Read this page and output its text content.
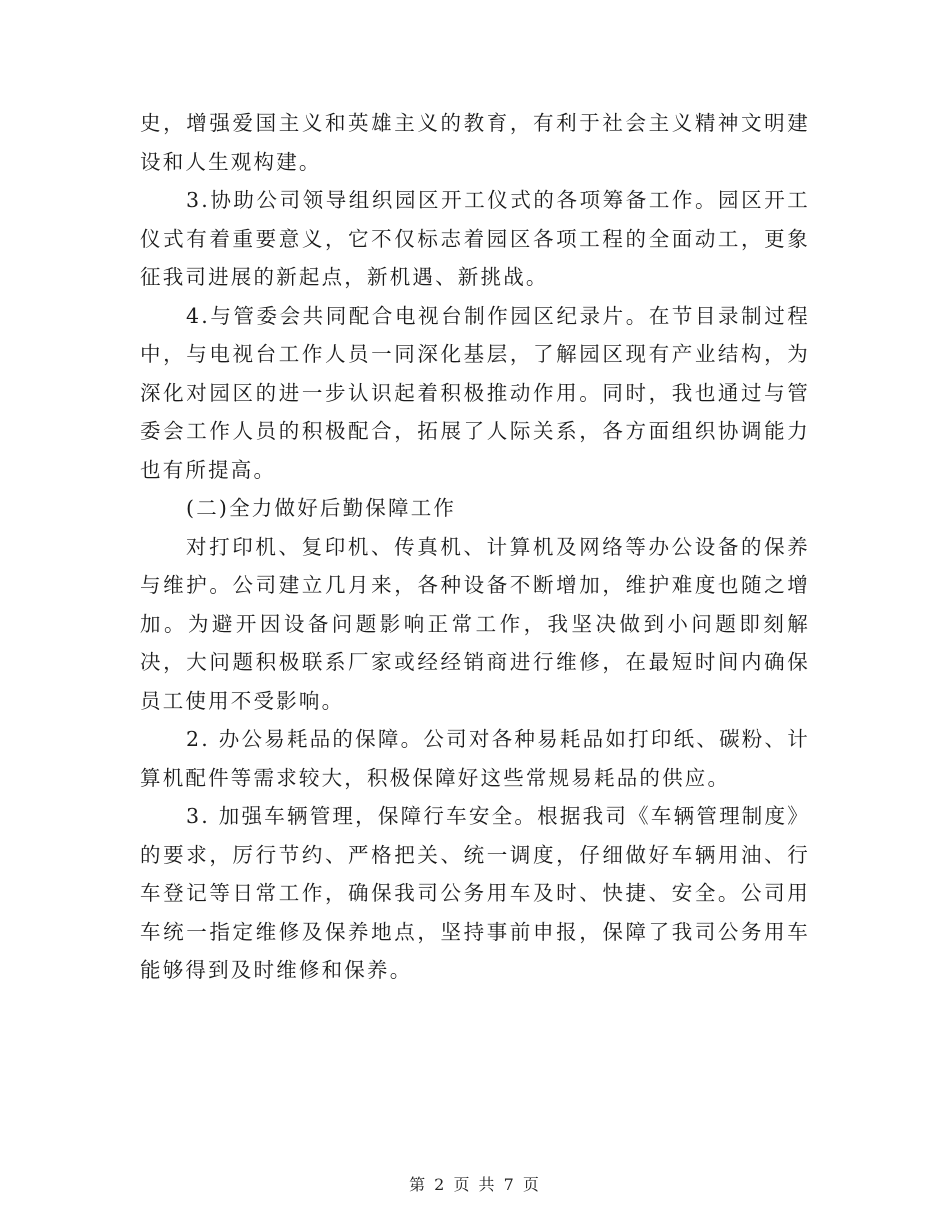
史，增强爱国主义和英雄主义的教育，有利于社会主义精神文明建设和人生观构建。

3.协助公司领导组织园区开工仪式的各项筹备工作。园区开工仪式有着重要意义，它不仅标志着园区各项工程的全面动工，更象征我司进展的新起点，新机遇、新挑战。

4.与管委会共同配合电视台制作园区纪录片。在节目录制过程中，与电视台工作人员一同深化基层，了解园区现有产业结构，为深化对园区的进一步认识起着积极推动作用。同时，我也通过与管委会工作人员的积极配合，拓展了人际关系，各方面组织协调能力也有所提高。

(二)全力做好后勤保障工作

对打印机、复印机、传真机、计算机及网络等办公设备的保养与维护。公司建立几月来，各种设备不断增加，维护难度也随之增加。为避开因设备问题影响正常工作，我坚决做到小问题即刻解决，大问题积极联系厂家或经经销商进行维修，在最短时间内确保员工使用不受影响。

2. 办公易耗品的保障。公司对各种易耗品如打印纸、碳粉、计算机配件等需求较大，积极保障好这些常规易耗品的供应。

3. 加强车辆管理，保障行车安全。根据我司《车辆管理制度》的要求，厉行节约、严格把关、统一调度，仔细做好车辆用油、行车登记等日常工作，确保我司公务用车及时、快捷、安全。公司用车统一指定维修及保养地点，坚持事前申报，保障了我司公务用车能够得到及时维修和保养。

第 2 页 共 7 页
